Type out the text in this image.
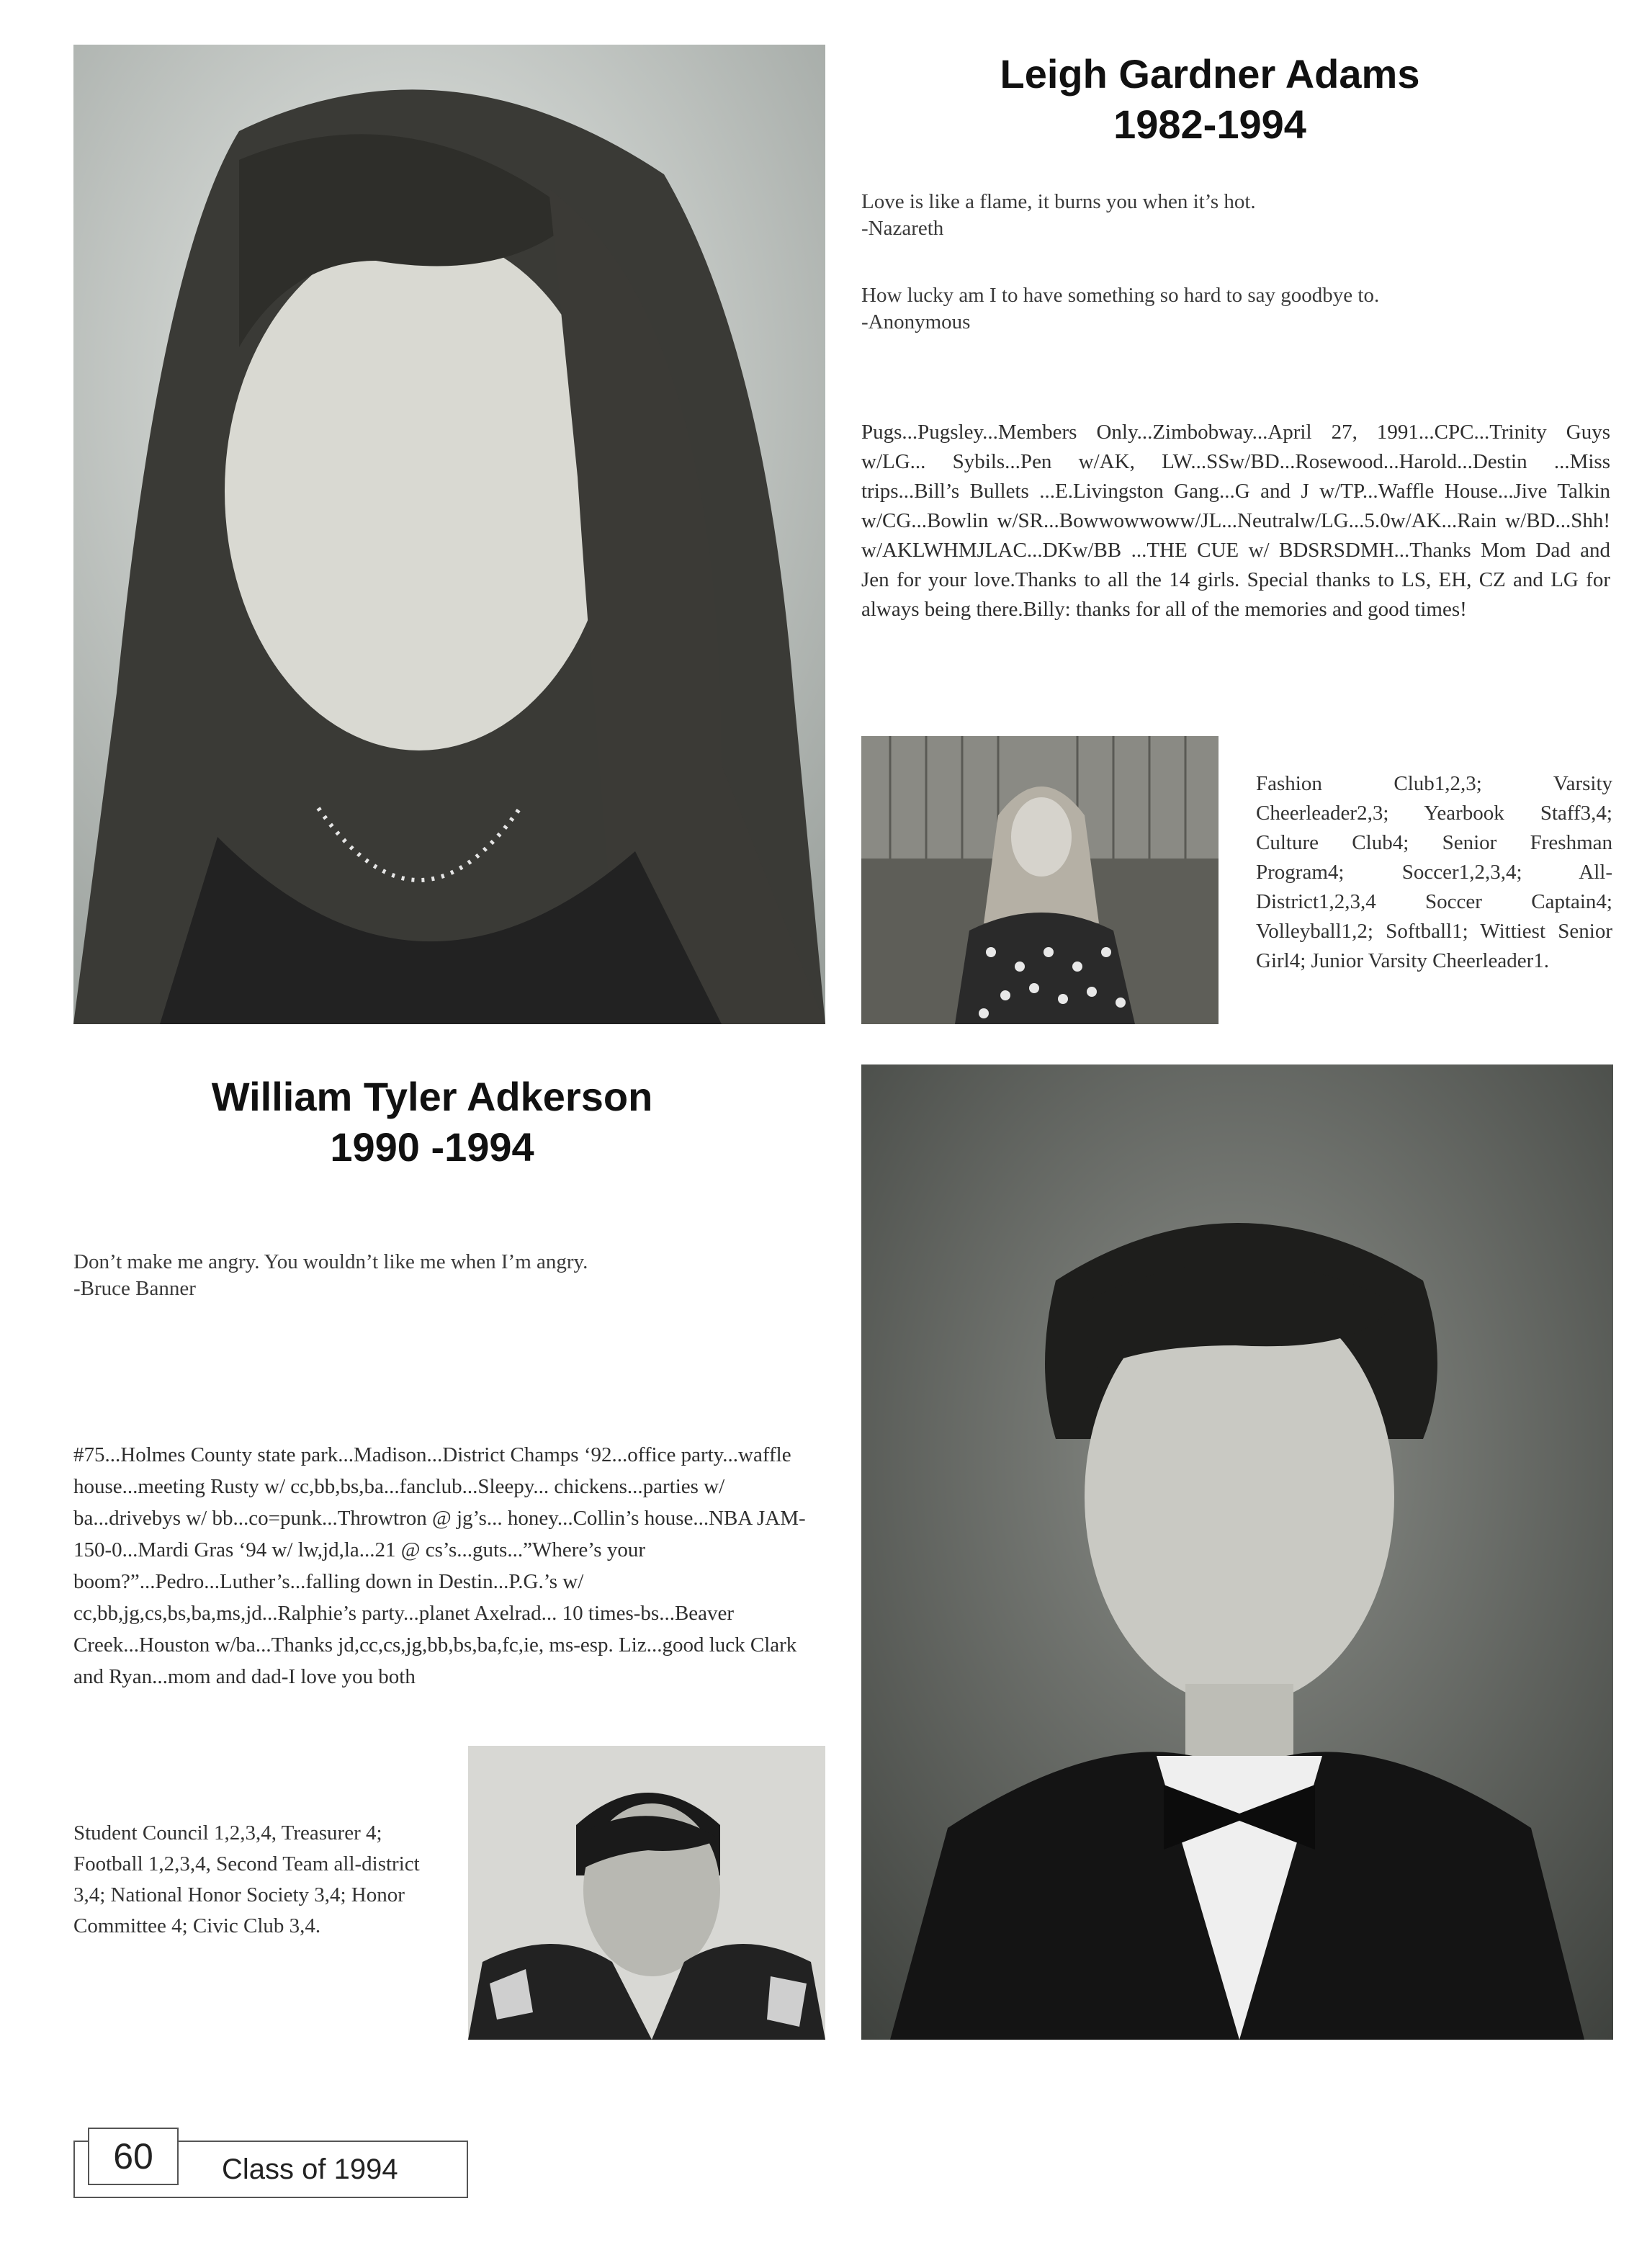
Leigh Gardner Adams
1982-1994

Love is like a flame, it burns you when it’s hot.

-Nazareth

How lucky am I to have something so hard to say goodbye to.

-Anonymous

Pugs...Pugsley...Members Only...Zimbobway...April 27, 1991...CPC...Trinity Guys w/LG... Sybils...Pen w/AK, LW...SSw/BD...Rosewood...Harold...Destin ...Miss trips...Bill’s Bullets ...E.Livingston Gang...G and J w/TP...Waffle House...Jive Talkin w/CG...Bowlin w/SR...Bowwowwoww/JL...Neutralw/LG...5.0w/AK...Rain w/BD...Shh! w/AKLWHMJLAC...DKw/BB ...THE CUE w/ BDSRSDMH...Thanks Mom Dad and Jen for your love.Thanks to all the 14 girls. Special thanks to LS, EH, CZ and LG for always being there.Billy: thanks for all of the memories and good times!
Fashion Club1,2,3; Varsity Cheerleader2,3; Yearbook Staff3,4; Culture Club4; Senior Freshman Program4; Soccer1,2,3,4; All-District1,2,3,4 Soccer Captain4; Volleyball1,2; Softball1; Wittiest Senior Girl4; Junior Varsity Cheerleader1.
William Tyler Adkerson
1990 -1994

Don’t make me angry. You wouldn’t like me when I’m angry.

-Bruce Banner

#75...Holmes County state park...Madison...District Champs ‘92...office party...waffle house...meeting Rusty w/ cc,bb,bs,ba...fanclub...Sleepy... chickens...parties w/ ba...drivebys w/ bb...co=punk...Throwtron @ jg’s... honey...Collin’s house...NBA JAM-150-0...Mardi Gras ‘94 w/ lw,jd,la...21 @ cs’s...guts...”Where’s your boom?”...Pedro...Luther’s...falling down in Destin...P.G.’s w/ cc,bb,jg,cs,bs,ba,ms,jd...Ralphie’s party...planet Axelrad... 10 times-bs...Beaver Creek...Houston w/ba...Thanks jd,cc,cs,jg,bb,bs,ba,fc,ie, ms-esp. Liz...good luck Clark and Ryan...mom and dad-I love you both
Student Council 1,2,3,4, Treasurer 4; Football 1,2,3,4, Second Team all-district 3,4; National Honor Society 3,4; Honor Committee 4; Civic Club 3,4.
60	Class of 1994
